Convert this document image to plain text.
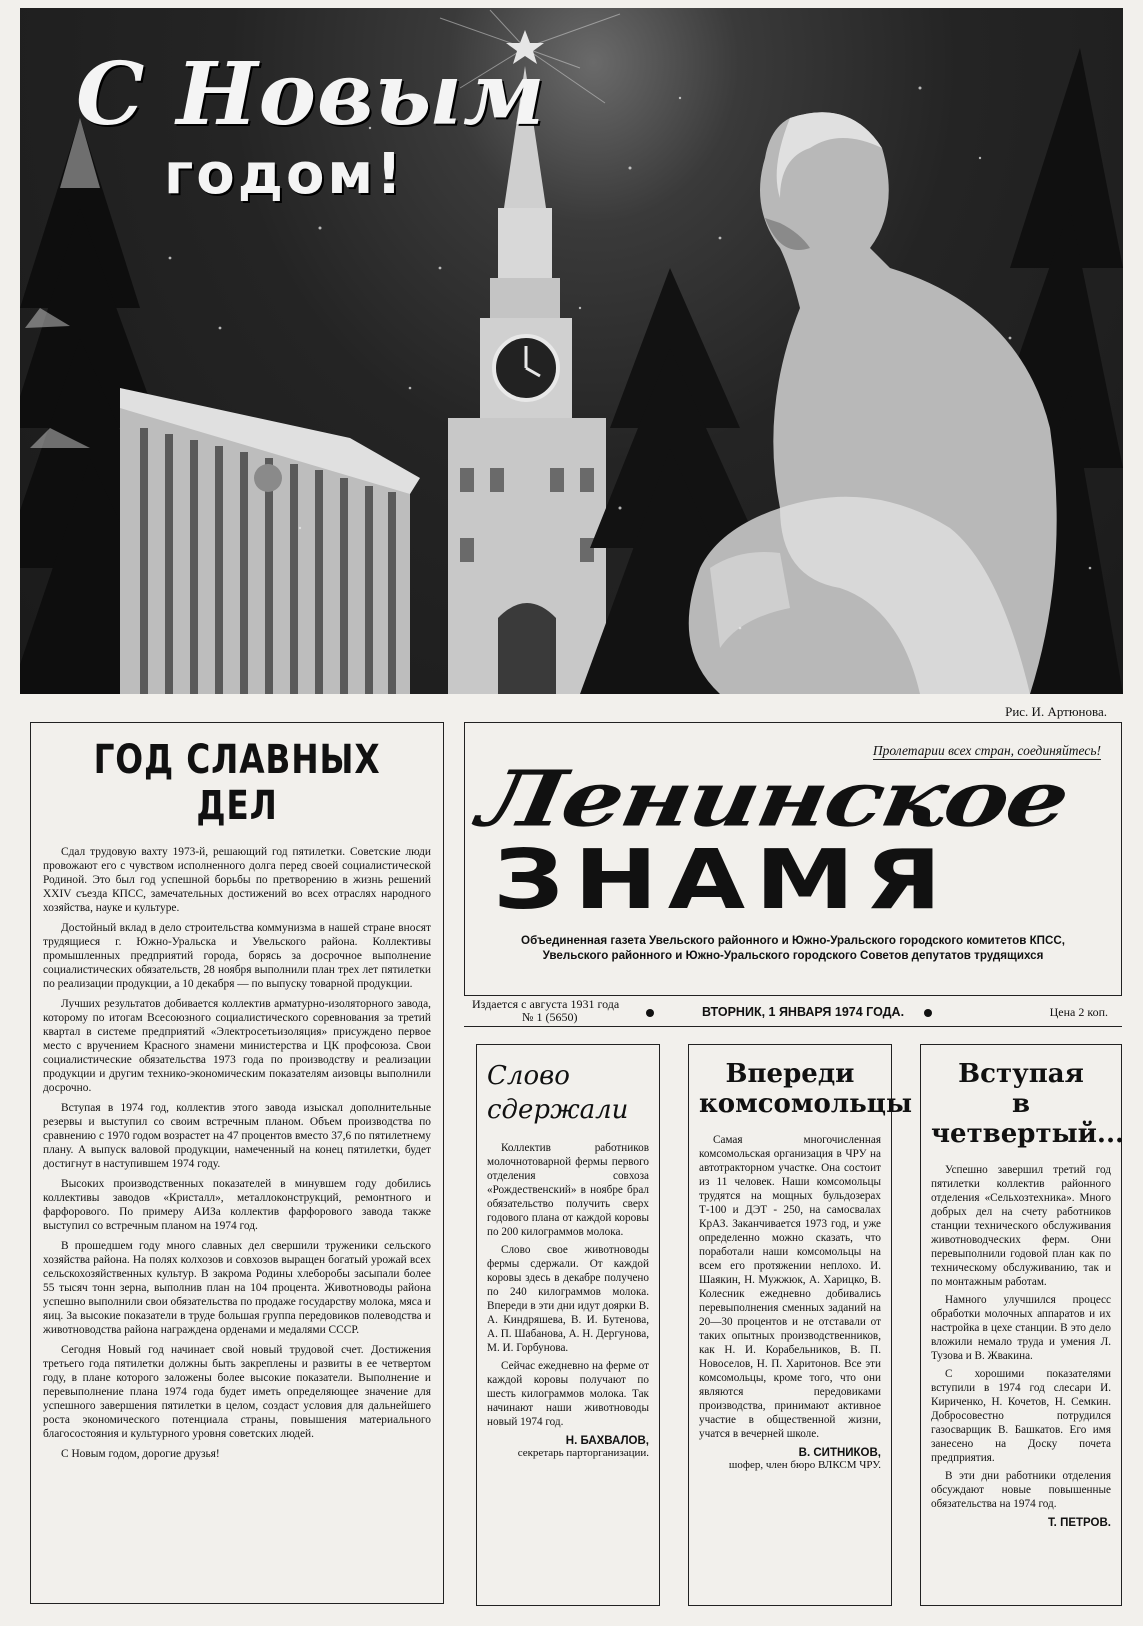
С Новым
годом!
Рис. И. Артюнова.
ГОД СЛАВНЫХ ДЕЛ

Сдал трудовую вахту 1973-й, решающий год пятилетки. Советские люди провожают его с чувством исполненного долга перед своей социалистической Родиной. Это был год успешной борьбы по претворению в жизнь решений XXIV съезда КПСС, замечательных достижений во всех отраслях народного хозяйства, науке и культуре.

Достойный вклад в дело строительства коммунизма в нашей стране вносят трудящиеся г. Южно-Уральска и Увельского района. Коллективы промышленных предприятий города, борясь за досрочное выполнение социалистических обязательств, 28 ноября выполнили план трех лет пятилетки по реализации продукции, а 10 декабря — по выпуску товарной продукции.

Лучших результатов добивается коллектив арматурно-изоляторного завода, которому по итогам Всесоюзного социалистического соревнования за третий квартал в системе предприятий «Электросетьизоляция» присуждено первое место с вручением Красного знамени министерства и ЦК профсоюза. Свои социалистические обязательства 1973 года по производству и реализации продукции и другим технико-экономическим показателям аизовцы выполнили досрочно.

Вступая в 1974 год, коллектив этого завода изыскал дополнительные резервы и выступил со своим встречным планом. Объем производства по сравнению с 1970 годом возрастет на 47 процентов вместо 37,6 по пятилетнему плану. А выпуск валовой продукции, намеченный на конец пятилетки, будет достигнут в наступившем 1974 году.

Высоких производственных показателей в минувшем году добились коллективы заводов «Кристалл», металлоконструкций, ремонтного и фарфорового. По примеру АИЗа коллектив фарфорового завода также выступил со встречным планом на 1974 год.

В прошедшем году много славных дел свершили труженики сельского хозяйства района. На полях колхозов и совхозов выращен богатый урожай всех сельскохозяйственных культур. В закрома Родины хлеборобы засыпали более 55 тысяч тонн зерна, выполнив план на 104 процента. Животноводы района успешно выполнили свои обязательства по продаже государству молока, мяса и яиц. За высокие показатели в труде большая группа передовиков полеводства и животноводства района награждена орденами и медалями СССР.

Сегодня Новый год начинает свой новый трудовой счет. Достижения третьего года пятилетки должны быть закреплены и развиты в ее четвертом году, в плане которого заложены более высокие показатели. Выполнение и перевыполнение плана 1974 года будет иметь определяющее значение для успешного завершения пятилетки в целом, создаст условия для дальнейшего роста экономического потенциала страны, повышения материального благосостояния и культурного уровня советских людей.

С Новым годом, дорогие друзья!

Пролетарии всех стран, соединяйтесь!
Ленинское
ЗНАМЯ
Объединенная газета Увельского районного и Южно-Уральского городского комитетов КПСС,
Увельского районного и Южно-Уральского городского Советов депутатов трудящихся
Издается с августа 1931 года
№ 1 (5650)	ВТОРНИК, 1 ЯНВАРЯ 1974 ГОДА.	Цена 2 коп.
Слово
сдержали

Коллектив работников молочнотоварной фермы первого отделения совхоза «Рождественский» в ноябре брал обязательство получить сверх годового плана от каждой коровы по 200 килограммов молока.

Слово свое животноводы фермы сдержали. От каждой коровы здесь в декабре получено по 240 килограммов молока. Впереди в эти дни идут доярки В. А. Киндряшева, В. И. Бутенова, А. П. Шабанова, А. Н. Дергунова, М. И. Горбунова.

Сейчас ежедневно на ферме от каждой коровы получают по шесть килограммов молока. Так начинают наши животноводы новый 1974 год.

Н. БАХВАЛОВ,
секретарь парторганизации.
Впереди
комсомольцы

Самая многочисленная комсомольская организация в ЧРУ на автотракторном участке. Она состоит из 11 человек. Наши комсомольцы трудятся на мощных бульдозерах Т-100 и ДЭТ - 250, на самосвалах КрАЗ. Заканчивается 1973 год, и уже определенно можно сказать, что поработали наши комсомольцы на всем его протяжении неплохо. И. Шаякин, Н. Мужжюк, А. Харицко, В. Колесник ежедневно добивались перевыполнения сменных заданий на 20—30 процентов и не отставали от таких опытных производственников, как Н. И. Корабельников, В. П. Новоселов, Н. П. Харитонов. Все эти комсомольцы, кроме того, что они являются передовиками производства, принимают активное участие в общественной жизни, учатся в вечерней школе.

В. СИТНИКОВ,
шофер, член бюро ВЛКСМ ЧРУ.
Вступая
в четвертый...

Успешно завершил третий год пятилетки коллектив районного отделения «Сельхозтехника». Много добрых дел на счету работников станции технического обслуживания животноводческих ферм. Они перевыполнили годовой план как по техническому обслуживанию, так и по монтажным работам.

Намного улучшился процесс обработки молочных аппаратов и их настройка в цехе станции. В это дело вложили немало труда и умения Л. Тузова и В. Жвакина.

С хорошими показателями вступили в 1974 год слесари И. Кириченко, Н. Кочетов, Н. Семкин. Добросовестно потрудился газосварщик В. Башкатов. Его имя занесено на Доску почета предприятия.

В эти дни работники отделения обсуждают новые повышенные обязательства на 1974 год.

Т. ПЕТРОВ.
